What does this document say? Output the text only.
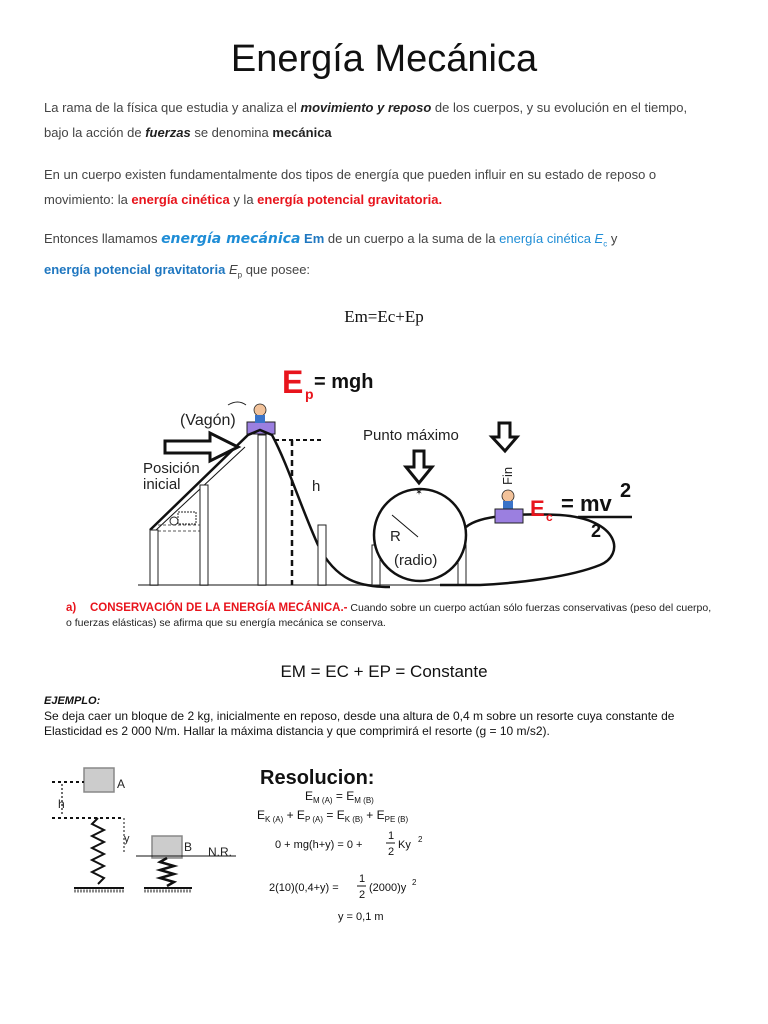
Energía Mecánica
La rama de la física que estudia y analiza el movimiento y reposo de los cuerpos, y su evolución en el tiempo,
bajo la acción de fuerzas se denomina mecánica
En un cuerpo existen fundamentalmente dos tipos de energía que pueden influir en su estado de reposo o
movimiento: la energía cinética y la energía potencial gravitatoria.
Entonces llamamos energía mecánica Em de un cuerpo a la suma de la energía cinética $E_c$ y
energía potencial gravitatoria $E_p$ que posee:
Em=Ec+Ep
E p
= mgh
(Vagón)
Posición
inicial	h
R
(radio)
Punto máximo
✶
Fin
E c
= mv 2
2
a) CONSERVACIÓN DE LA ENERGÍA MECÁNICA.- Cuando sobre un cuerpo actúan sólo fuerzas conservativas (peso del cuerpo, o fuerzas elásticas) se afirma que su energía mecánica se conserva.
EM = EC + EP = Constante
EJEMPLO:
Se deja caer un bloque de 2 kg, inicialmente en reposo, desde una altura de 0,4 m sobre un resorte cuya constante de Elasticidad es 2 000 N/m. Hallar la máxima distancia y que comprimirá el resorte (g = 10 m/s2).
A
h
y
B N.R.
Resolucion:
$E_{M (A)} = E_{M (B)}$
$E_{K (A)} + E_{P (A)} = E_{K (B)} + E_{PE (B)}$
0 + mg(h+y) = 0 +
1
2
Ky 2
2(10)(0,4+y) =
1
2
(2000)y 2
y = 0,1 m
